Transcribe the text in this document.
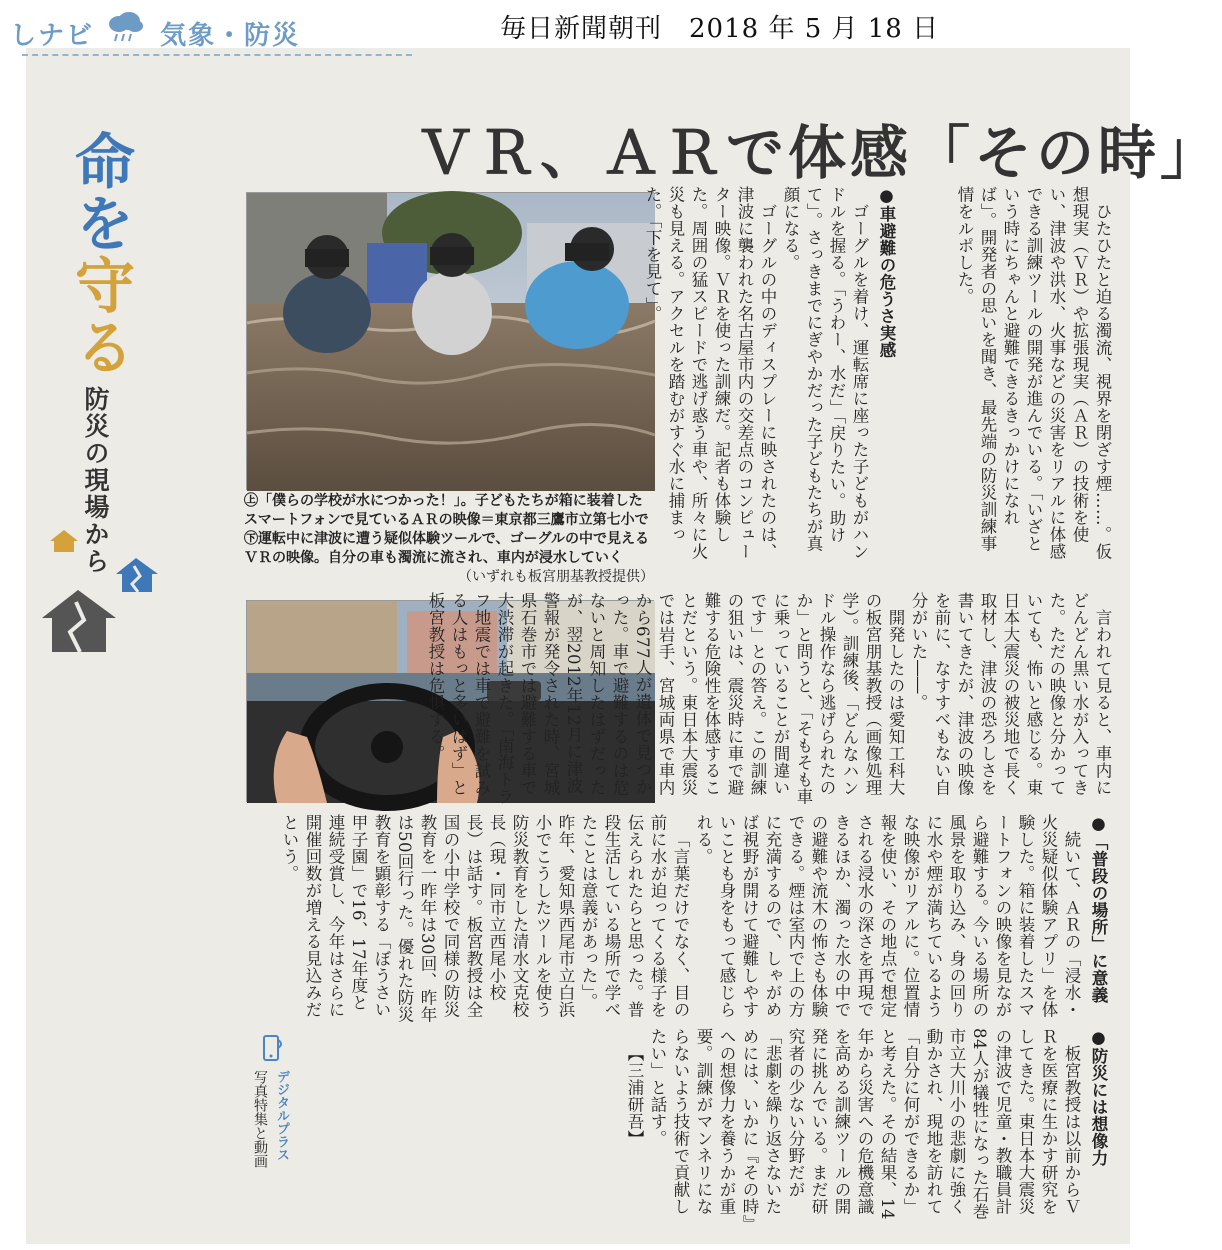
しナビ	気象・防災	毎日新聞朝刊　2018 年 5 月 18 日
ＶＲ、ＡＲで体感「その時」
命を守る
防災の現場から	㊤「僕らの学校が水につかった！」。子どもたちが箱に装着したスマートフォンで見ているＡＲの映像＝東京都三鷹市立第七小で㊦運転中に津波に遭う疑似体験ツールで、ゴーグルの中で見えるＶＲの映像。自分の車も濁流に流され、車内が浸水していく
（いずれも板宮朋基教授提供）

ひたひたと迫る濁流、視界を閉ざす煙……。仮想現実（ＶＲ）や拡張現実（ＡＲ）の技術を使い、津波や洪水、火事などの災害をリアルに体感できる訓練ツールの開発が進んでいる。「いざという時にちゃんと避難できるきっかけになれば」。開発者の思いを聞き、最先端の防災訓練事情をルポした。

●車避難の危うさ実感

ゴーグルを着け、運転席に座った子どもがハンドルを握る。「うわー、水だ」「戻りたい。助けて」。さっきまでにぎやかだった子どもたちが真顔になる。

ゴーグルの中のディスプレーに映されたのは、津波に襲われた名古屋市内の交差点のコンピューター映像。ＶＲを使った訓練だ。記者も体験した。周囲の猛スピードで逃げ惑う車や、所々に火災も見える。アクセルを踏むがすぐ水に捕まった。「下を見て」。

言われて見ると、車内にどんどん黒い水が入ってきた。ただの映像と分かっていても、怖いと感じる。東日本大震災の被災地で長く取材し、津波の恐ろしさを書いてきたが、津波の映像を前に、なすすべもない自分がいた――。

開発したのは愛知工科大の板宮朋基教授（画像処理学）。訓練後、「どんなハンドル操作なら逃げられたのか」と問うと、「そもそも車に乗っていることが間違いです」との答え。この訓練の狙いは、震災時に車で避難する危険性を体感することだという。東日本大震災では岩手、宮城両県で車内から677人が遺体で見つかった。車で避難するのは危ないと周知したはずだったが、翌2012年12月に津波警報が発令された時、宮城県石巻市では避難する車で大渋滞が起きた。「南海トラフ地震では車で避難を試みる人はもっと多いはず」と板宮教授は危惧する。

●「普段の場所」に意義

続いて、ＡＲの「浸水・火災疑似体験アプリ」を体験した。箱に装着したスマートフォンの映像を見ながら避難する。今いる場所の風景を取り込み、身の回りに水や煙が満ちているような映像がリアルに。位置情報を使い、その地点で想定される浸水の深さを再現できるほか、濁った水の中での避難や流木の怖さも体験できる。煙は室内で上の方に充満するので、しゃがめば視野が開けて避難しやすいことも身をもって感じられる。

「言葉だけでなく、目の前に水が迫ってくる様子を伝えられたらと思った。普段生活している場所で学べたことは意義があった」。昨年、愛知県西尾市立白浜小でこうしたツールを使う防災教育をした清水文克校長（現・同市立西尾小校長）は話す。板宮教授は全国の小中学校で同様の防災教育を一昨年は30回、昨年は50回行った。優れた防災教育を顕彰する「ぼうさい甲子園」で16、17年度と連続受賞し、今年はさらに開催回数が増える見込みだという。

●防災には想像力

板宮教授は以前からＶＲを医療に生かす研究をしてきた。東日本大震災の津波で児童・教職員計84人が犠牲になった石巻市立大川小の悲劇に強く動かされ、現地を訪れて「自分に何ができるか」と考えた。その結果、14年から災害への危機意識を高める訓練ツールの開発に挑んでいる。まだ研究者の少ない分野だが「悲劇を繰り返さないためには、いかに『その時』への想像力を養うかが重要。訓練がマンネリにならないよう技術で貢献したい」と話す。

【三浦研吾】

デジタルプラス
写真特集と動画
